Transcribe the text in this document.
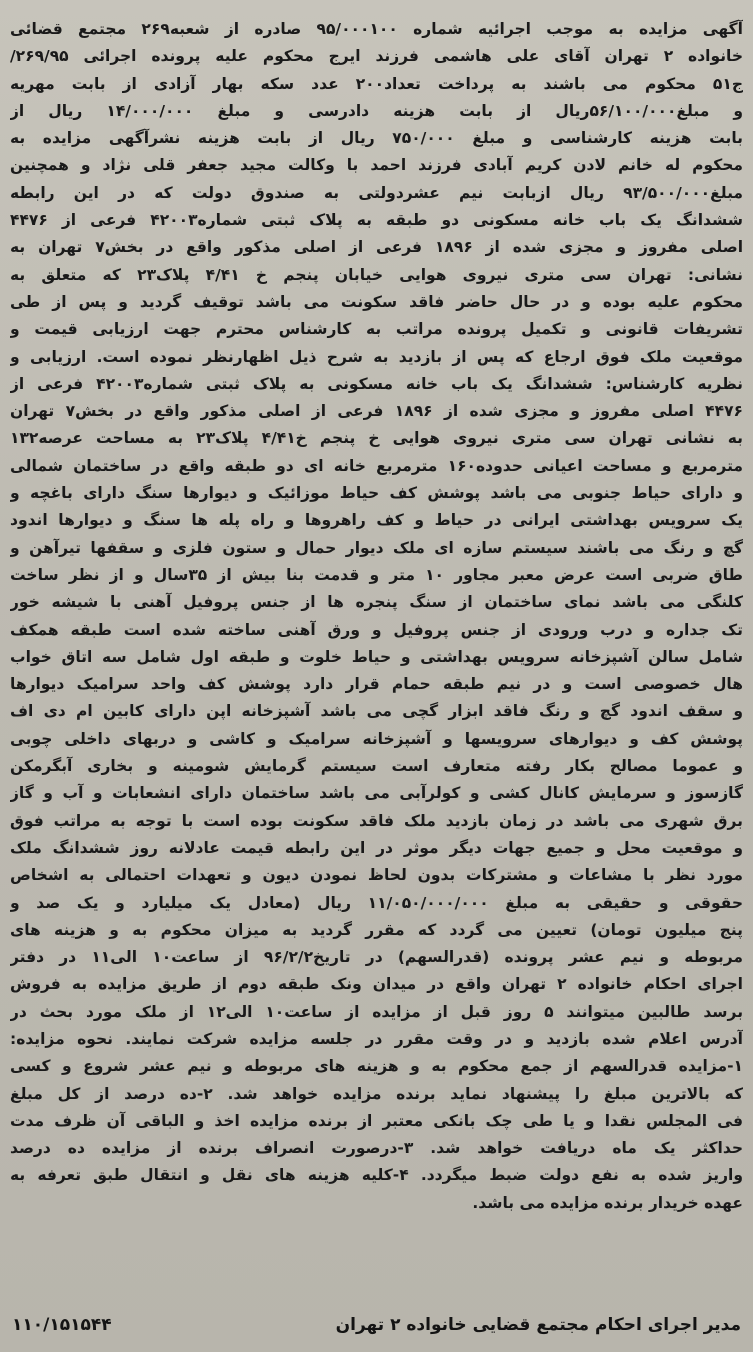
آگهی مزایده به موجب اجرائیه شماره ۹۵/۰۰۰۱۰۰ صادره از شعبه۲۶۹ مجتمع قضائی
خانواده ۲ تهران آقای علی هاشمی فرزند ایرج محکوم علیه پرونده اجرائی ۲۶۹/۹۵/
ج۵۱ محکوم می باشند به پرداخت تعداد۲۰۰ عدد سکه بهار آزادی از بابت مهریه
و مبلغ۵۶/۱۰۰/۰۰۰ریال از بابت هزینه دادرسی و مبلغ ۱۴/۰۰۰/۰۰۰ ریال از
بابت هزینه کارشناسی و مبلغ ۷۵۰/۰۰۰ ریال از بابت هزینه نشرآگهی مزایده به
محکوم له خانم لادن کریم آبادی فرزند احمد با وکالت مجید جعفر قلی نژاد و همچنین
مبلغ۹۳/۵۰۰/۰۰۰ ریال ازبابت نیم عشردولتی به صندوق دولت که در این رابطه
ششدانگ یک باب خانه مسکونی دو طبقه به پلاک ثبتی شماره۴۲۰۰۳ فرعی از ۴۴۷۶
اصلی مفروز و مجزی شده از ۱۸۹۶ فرعی از اصلی مذکور واقع در بخش۷ تهران به
نشانی: تهران سی متری نیروی هوایی خیابان پنجم خ ۴/۴۱ پلاک۲۳ که متعلق به
محکوم علیه بوده و در حال حاضر فاقد سکونت می باشد توقیف گردید و پس از طی
تشریفات قانونی و تکمیل پرونده مراتب به کارشناس محترم جهت ارزیابی قیمت و
موقعیت ملک فوق ارجاع که پس از بازدید به شرح ذیل اظهارنظر نموده است. ارزیابی و
نظریه کارشناس: ششدانگ یک باب خانه مسکونی به پلاک ثبتی شماره۴۲۰۰۳ فرعی از
۴۴۷۶ اصلی مفروز و مجزی شده از ۱۸۹۶ فرعی از اصلی مذکور واقع در بخش۷ تهران
به نشانی تهران سی متری نیروی هوایی خ پنجم خ۴/۴۱ پلاک۲۳ به مساحت عرصه۱۳۲
مترمربع و مساحت اعیانی حدوده۱۶۰ مترمربع خانه ای دو طبقه واقع در ساختمان شمالی
و دارای حیاط جنوبی می باشد پوشش کف حیاط موزائیک و دیوارها سنگ دارای باغچه و
یک سرویس بهداشتی ایرانی در حیاط و کف راهروها و راه پله ها سنگ و دیوارها اندود
گچ و رنگ می باشند سیستم سازه ای ملک دیوار حمال و ستون فلزی و سقفها تیرآهن و
طاق ضربی است عرض معبر مجاور ۱۰ متر و قدمت بنا بیش از ۳۵سال و از نظر ساخت
کلنگی می باشد نمای ساختمان از سنگ پنجره ها از جنس پروفیل آهنی با شیشه خور
تک جداره و درب ورودی از جنس پروفیل و ورق آهنی ساخته شده است طبقه همکف
شامل سالن آشپزخانه سرویس بهداشتی و حیاط خلوت و طبقه اول شامل سه اتاق خواب
هال خصوصی است و در نیم طبقه حمام قرار دارد پوشش کف واحد سرامیک دیوارها
و سقف اندود گچ و رنگ فاقد ابزار گچی می باشد آشپزخانه اپن دارای کابین ام دی اف
پوشش کف و دیوارهای سرویسها و آشپزخانه سرامیک و کاشی و دربهای داخلی چوبی
و عموما مصالح بکار رفته متعارف است سیستم گرمایش شومینه و بخاری آبگرمکن
گازسوز و سرمایش کانال کشی و کولرآبی می باشد ساختمان دارای انشعابات و آب و گاز
برق شهری می باشد در زمان بازدید ملک فاقد سکونت بوده است با توجه به مراتب فوق
و موقعیت محل و جمیع جهات دیگر موثر در این رابطه قیمت عادلانه روز ششدانگ ملک
مورد نظر با مشاعات و مشترکات بدون لحاظ نمودن دیون و تعهدات احتمالی به اشخاص
حقوقی و حقیقی به مبلغ ۱۱/۰۵۰/۰۰۰/۰۰۰ ریال (معادل یک میلیارد و یک صد و
پنج میلیون تومان) تعیین می گردد که مقرر گردید به میزان محکوم به و هزینه های
مربوطه و نیم عشر پرونده (قدرالسهم) در تاریخ۹۶/۲/۲ از ساعت۱۰ الی۱۱ در دفتر
اجرای احکام خانواده ۲ تهران واقع در میدان ونک طبقه دوم از طریق مزایده به فروش
برسد طالبین میتوانند ۵ روز قبل از مزایده از ساعت۱۰ الی۱۲ از ملک مورد بحث در
آدرس اعلام شده بازدید و در وقت مقرر در جلسه مزایده شرکت نمایند. نحوه مزایده:
۱-مزایده قدرالسهم از جمع محکوم به و هزینه های مربوطه و نیم عشر شروع و کسی
که بالاترین مبلغ را پیشنهاد نماید برنده مزایده خواهد شد. ۲-ده درصد از کل مبلغ
فی المجلس نقدا و یا طی چک بانکی معتبر از برنده مزایده اخذ و الباقی آن ظرف مدت
حداکثر یک ماه دریافت خواهد شد. ۳-درصورت انصراف برنده از مزایده ده درصد
واریز شده به نفع دولت ضبط میگردد. ۴-کلیه هزینه های نقل و انتقال طبق تعرفه به
عهده خریدار برنده مزایده می باشد.
مدیر اجرای احکام مجتمع قضایی خانواده ۲ تهران
۱۱۰/۱۵۱۵۴۴
